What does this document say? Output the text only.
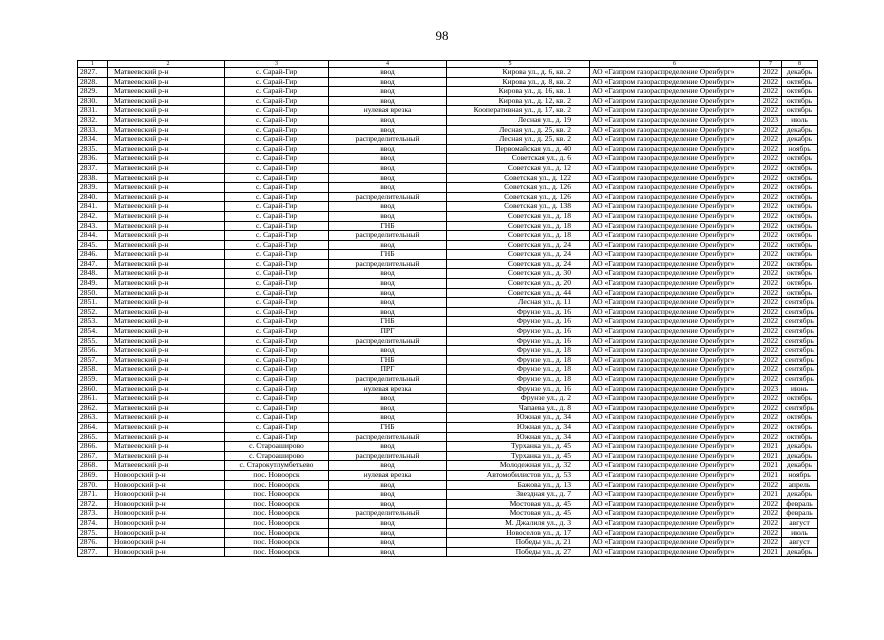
98
1	2	3	4	5	6	7	8
2827.	Матвеевский р-н	с. Сарай-Гир	ввод	Кирова ул., д. 6, кв. 2	АО «Газпром газораспределение Оренбург»	2022	декабрь
2828.	Матвеевский р-н	с. Сарай-Гир	ввод	Кирова ул., д. 8, кв. 2	АО «Газпром газораспределение Оренбург»	2022	октябрь
2829.	Матвеевский р-н	с. Сарай-Гир	ввод	Кирова ул., д. 16, кв. 1	АО «Газпром газораспределение Оренбург»	2022	октябрь
2830.	Матвеевский р-н	с. Сарай-Гир	ввод	Кирова ул., д. 12, кв. 2	АО «Газпром газораспределение Оренбург»	2022	октябрь
2831.	Матвеевский р-н	с. Сарай-Гир	нулевая врезка	Кооперативная ул., д. 17, кв. 2	АО «Газпром газораспределение Оренбург»	2022	октябрь
2832.	Матвеевский р-н	с. Сарай-Гир	ввод	Лесная ул., д. 19	АО «Газпром газораспределение Оренбург»	2023	июль
2833.	Матвеевский р-н	с. Сарай-Гир	ввод	Лесная ул., д. 25, кв. 2	АО «Газпром газораспределение Оренбург»	2022	декабрь
2834.	Матвеевский р-н	с. Сарай-Гир	распределительный	Лесная ул., д. 25, кв. 2	АО «Газпром газораспределение Оренбург»	2022	декабрь
2835.	Матвеевский р-н	с. Сарай-Гир	ввод	Первомайская ул., д. 40	АО «Газпром газораспределение Оренбург»	2022	ноябрь
2836.	Матвеевский р-н	с. Сарай-Гир	ввод	Советская ул., д. 6	АО «Газпром газораспределение Оренбург»	2022	октябрь
2837.	Матвеевский р-н	с. Сарай-Гир	ввод	Советская ул., д. 12	АО «Газпром газораспределение Оренбург»	2022	октябрь
2838.	Матвеевский р-н	с. Сарай-Гир	ввод	Советская ул., д. 122	АО «Газпром газораспределение Оренбург»	2022	октябрь
2839.	Матвеевский р-н	с. Сарай-Гир	ввод	Советская ул., д. 126	АО «Газпром газораспределение Оренбург»	2022	октябрь
2840.	Матвеевский р-н	с. Сарай-Гир	распределительный	Советская ул., д. 126	АО «Газпром газораспределение Оренбург»	2022	октябрь
2841.	Матвеевский р-н	с. Сарай-Гир	ввод	Советская ул., д. 138	АО «Газпром газораспределение Оренбург»	2022	октябрь
2842.	Матвеевский р-н	с. Сарай-Гир	ввод	Советская ул., д. 18	АО «Газпром газораспределение Оренбург»	2022	октябрь
2843.	Матвеевский р-н	с. Сарай-Гир	ГНБ	Советская ул., д. 18	АО «Газпром газораспределение Оренбург»	2022	октябрь
2844.	Матвеевский р-н	с. Сарай-Гир	распределительный	Советская ул., д. 18	АО «Газпром газораспределение Оренбург»	2022	октябрь
2845.	Матвеевский р-н	с. Сарай-Гир	ввод	Советская ул., д. 24	АО «Газпром газораспределение Оренбург»	2022	октябрь
2846.	Матвеевский р-н	с. Сарай-Гир	ГНБ	Советская ул., д. 24	АО «Газпром газораспределение Оренбург»	2022	октябрь
2847.	Матвеевский р-н	с. Сарай-Гир	распределительный	Советская ул., д. 24	АО «Газпром газораспределение Оренбург»	2022	октябрь
2848.	Матвеевский р-н	с. Сарай-Гир	ввод	Советская ул., д. 30	АО «Газпром газораспределение Оренбург»	2022	октябрь
2849.	Матвеевский р-н	с. Сарай-Гир	ввод	Советская ул., д. 20	АО «Газпром газораспределение Оренбург»	2022	октябрь
2850.	Матвеевский р-н	с. Сарай-Гир	ввод	Советская ул., д. 44	АО «Газпром газораспределение Оренбург»	2022	октябрь
2851.	Матвеевский р-н	с. Сарай-Гир	ввод	Лесная ул., д. 11	АО «Газпром газораспределение Оренбург»	2022	сентябрь
2852.	Матвеевский р-н	с. Сарай-Гир	ввод	Фрунзе ул., д. 16	АО «Газпром газораспределение Оренбург»	2022	сентябрь
2853.	Матвеевский р-н	с. Сарай-Гир	ГНБ	Фрунзе ул., д. 16	АО «Газпром газораспределение Оренбург»	2022	сентябрь
2854.	Матвеевский р-н	с. Сарай-Гир	ПРГ	Фрунзе ул., д. 16	АО «Газпром газораспределение Оренбург»	2022	сентябрь
2855.	Матвеевский р-н	с. Сарай-Гир	распределительный	Фрунзе ул., д. 16	АО «Газпром газораспределение Оренбург»	2022	сентябрь
2856.	Матвеевский р-н	с. Сарай-Гир	ввод	Фрунзе ул., д. 18	АО «Газпром газораспределение Оренбург»	2022	сентябрь
2857.	Матвеевский р-н	с. Сарай-Гир	ГНБ	Фрунзе ул., д. 18	АО «Газпром газораспределение Оренбург»	2022	сентябрь
2858.	Матвеевский р-н	с. Сарай-Гир	ПРГ	Фрунзе ул., д. 18	АО «Газпром газораспределение Оренбург»	2022	сентябрь
2859.	Матвеевский р-н	с. Сарай-Гир	распределительный	Фрунзе ул., д. 18	АО «Газпром газораспределение Оренбург»	2022	сентябрь
2860.	Матвеевский р-н	с. Сарай-Гир	нулевая врезка	Фрунзе ул., д. 16	АО «Газпром газораспределение Оренбург»	2023	июнь
2861.	Матвеевский р-н	с. Сарай-Гир	ввод	Фрунзе ул., д. 2	АО «Газпром газораспределение Оренбург»	2022	октябрь
2862.	Матвеевский р-н	с. Сарай-Гир	ввод	Чапаева ул., д. 8	АО «Газпром газораспределение Оренбург»	2022	сентябрь
2863.	Матвеевский р-н	с. Сарай-Гир	ввод	Южная ул., д. 34	АО «Газпром газораспределение Оренбург»	2022	октябрь
2864.	Матвеевский р-н	с. Сарай-Гир	ГНБ	Южная ул., д. 34	АО «Газпром газораспределение Оренбург»	2022	октябрь
2865.	Матвеевский р-н	с. Сарай-Гир	распределительный	Южная ул., д. 34	АО «Газпром газораспределение Оренбург»	2022	октябрь
2866.	Матвеевский р-н	с. Староаширово	ввод	Турханка ул., д. 45	АО «Газпром газораспределение Оренбург»	2021	декабрь
2867.	Матвеевский р-н	с. Староаширово	распределительный	Турханка ул., д. 45	АО «Газпром газораспределение Оренбург»	2021	декабрь
2868.	Матвеевский р-н	с. Старокутлумбетьево	ввод	Молодежная ул., д. 32	АО «Газпром газораспределение Оренбург»	2021	декабрь
2869.	Новоорский р-н	пос. Новоорск	нулевая врезка	Автомобилистов ул., д. 53	АО «Газпром газораспределение Оренбург»	2021	ноябрь
2870.	Новоорский р-н	пос. Новоорск	ввод	Бажова ул., д. 13	АО «Газпром газораспределение Оренбург»	2022	апрель
2871.	Новоорский р-н	пос. Новоорск	ввод	Звездная ул., д. 7	АО «Газпром газораспределение Оренбург»	2021	декабрь
2872.	Новоорский р-н	пос. Новоорск	ввод	Мостовая ул., д. 45	АО «Газпром газораспределение Оренбург»	2022	февраль
2873.	Новоорский р-н	пос. Новоорск	распределительный	Мостовая ул., д. 45	АО «Газпром газораспределение Оренбург»	2022	февраль
2874.	Новоорский р-н	пос. Новоорск	ввод	М. Джалиля ул., д. 3	АО «Газпром газораспределение Оренбург»	2022	август
2875.	Новоорский р-н	пос. Новоорск	ввод	Новоселов ул., д. 17	АО «Газпром газораспределение Оренбург»	2022	июль
2876.	Новоорский р-н	пос. Новоорск	ввод	Победы ул., д. 21	АО «Газпром газораспределение Оренбург»	2022	август
2877.	Новоорский р-н	пос. Новоорск	ввод	Победы ул., д. 27	АО «Газпром газораспределение Оренбург»	2021	декабрь
